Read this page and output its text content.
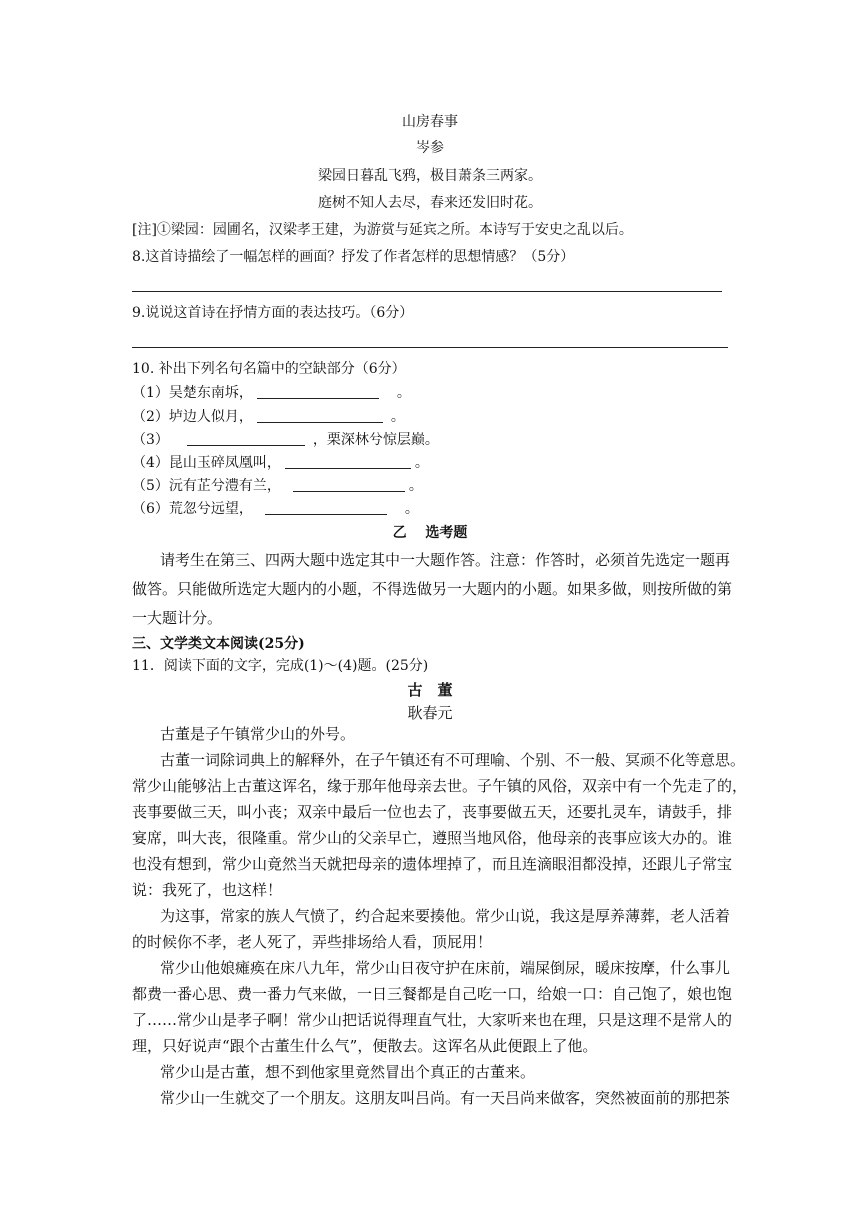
山房春事
岑参
梁园日暮乱飞鸦，极目萧条三两家。
庭树不知人去尽，春来还发旧时花。
[注]①梁园：园圃名，汉梁孝王建，为游赏与延宾之所。本诗写于安史之乱以后。
8.这首诗描绘了一幅怎样的画面？抒发了作者怎样的思想情感？（5分）
9.说说这首诗在抒情方面的表达技巧。（6分）
10. 补出下列名句名篇中的空缺部分（6分）
（1）吴楚东南坼，	。
（2）垆边人似月，	。
（3）	，栗深林兮惊层巅。
（4）昆山玉碎凤凰叫，	。
（5）沅有芷兮澧有兰，	。
（6）荒忽兮远望，	。
乙　 选考题
请考生在第三、四两大题中选定其中一大题作答。注意：作答时，必须首先选定一题再
做答。只能做所选定大题内的小题，不得选做另一大题内的小题。如果多做，则按所做的第
一大题计分。
三、文学类文本阅读(25分)
11．阅读下面的文字，完成(1)～(4)题。(25分)
古　董
耿春元
古董是子午镇常少山的外号。
古董一词除词典上的解释外，在子午镇还有不可理喻、个别、不一般、冥顽不化等意思。
常少山能够沾上古董这诨名，缘于那年他母亲去世。子午镇的风俗，双亲中有一个先走了的，
丧事要做三天，叫小丧；双亲中最后一位也去了，丧事要做五天，还要扎灵车，请鼓手，排
宴席，叫大丧，很隆重。常少山的父亲早亡，遵照当地风俗，他母亲的丧事应该大办的。谁
也没有想到，常少山竟然当天就把母亲的遗体埋掉了，而且连滴眼泪都没掉，还跟儿子常宝
说：我死了，也这样！
为这事，常家的族人气愤了，约合起来要揍他。常少山说，我这是厚养薄葬，老人活着
的时候你不孝，老人死了，弄些排场给人看，顶屁用！
常少山他娘瘫痪在床八九年，常少山日夜守护在床前，端屎倒尿，暖床按摩，什么事儿
都费一番心思、费一番力气来做，一日三餐都是自己吃一口，给娘一口：自己饱了，娘也饱
了……常少山是孝子啊！常少山把话说得理直气壮，大家听来也在理，只是这理不是常人的
理，只好说声“跟个古董生什么气”，便散去。这诨名从此便跟上了他。
常少山是古董，想不到他家里竟然冒出个真正的古董来。
常少山一生就交了一个朋友。这朋友叫吕尚。有一天吕尚来做客，突然被面前的那把茶
